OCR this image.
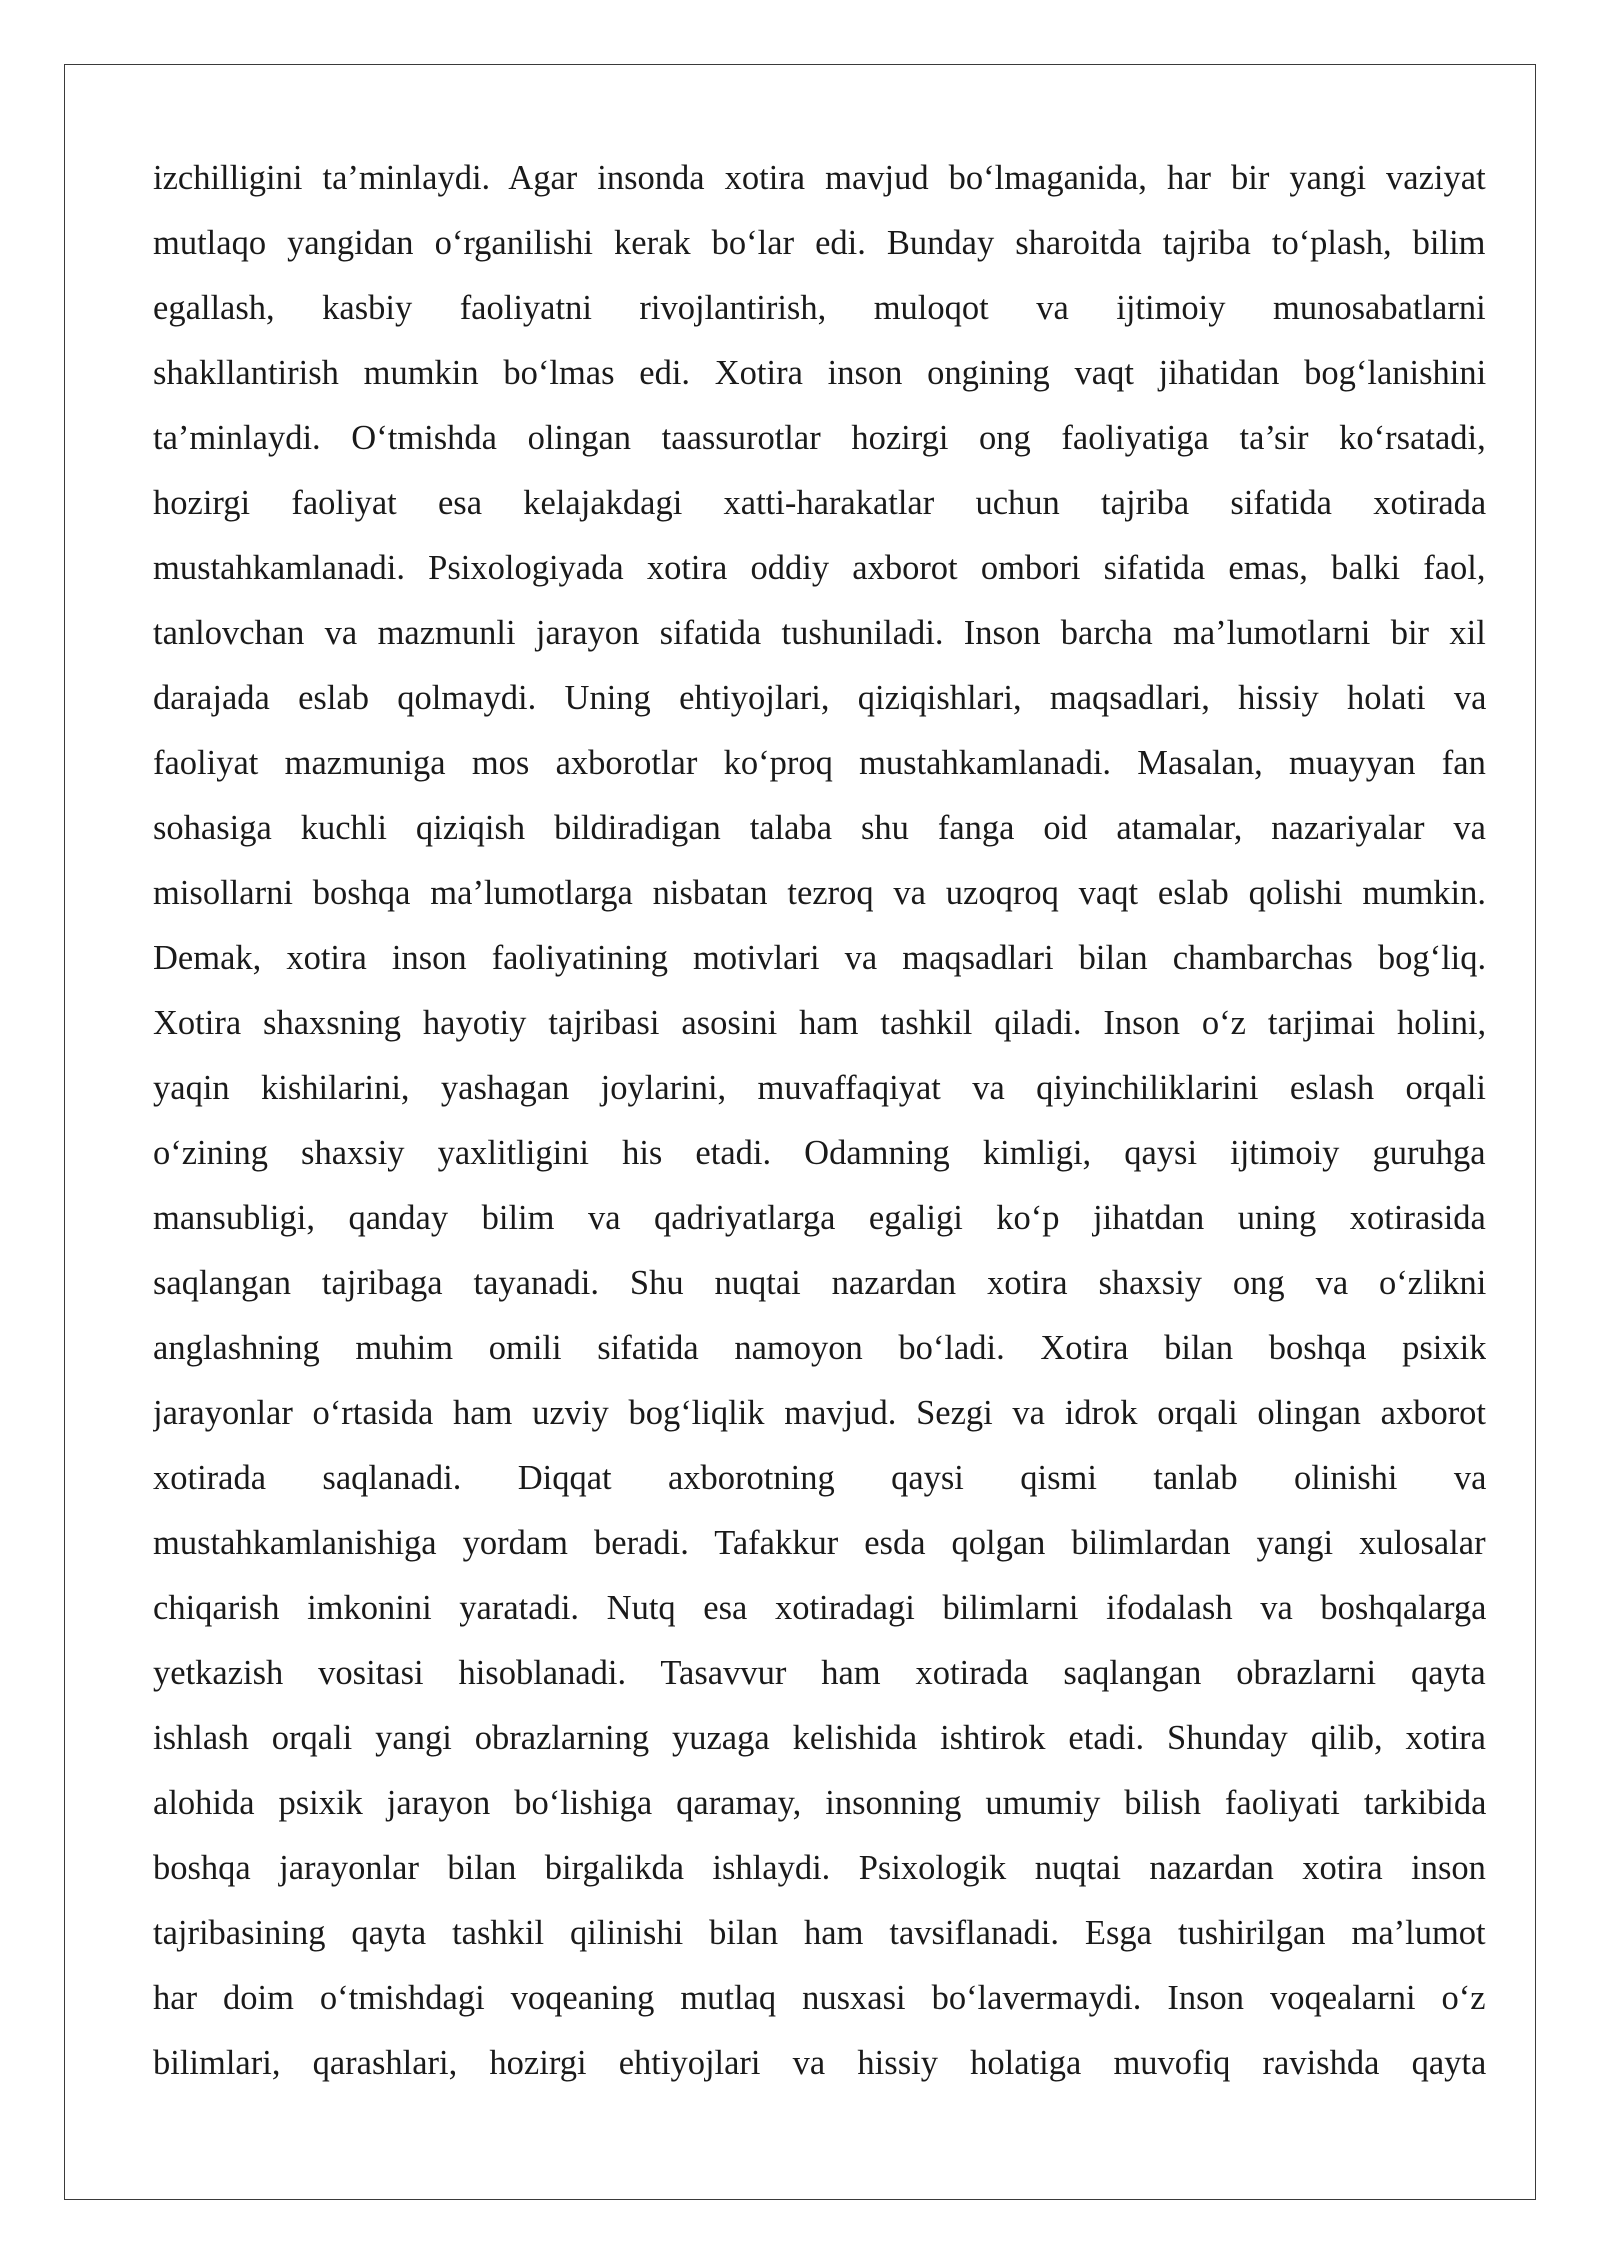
izchilligini ta’minlaydi. Agar insonda xotira mavjud bo‘lmaganida, har bir yangi vaziyat
mutlaqo yangidan o‘rganilishi kerak bo‘lar edi. Bunday sharoitda tajriba to‘plash, bilim
egallash, kasbiy faoliyatni rivojlantirish, muloqot va ijtimoiy munosabatlarni
shakllantirish mumkin bo‘lmas edi. Xotira inson ongining vaqt jihatidan bog‘lanishini
ta’minlaydi. O‘tmishda olingan taassurotlar hozirgi ong faoliyatiga ta’sir ko‘rsatadi,
hozirgi faoliyat esa kelajakdagi xatti-harakatlar uchun tajriba sifatida xotirada
mustahkamlanadi. Psixologiyada xotira oddiy axborot ombori sifatida emas, balki faol,
tanlovchan va mazmunli jarayon sifatida tushuniladi. Inson barcha ma’lumotlarni bir xil
darajada eslab qolmaydi. Uning ehtiyojlari, qiziqishlari, maqsadlari, hissiy holati va
faoliyat mazmuniga mos axborotlar ko‘proq mustahkamlanadi. Masalan, muayyan fan
sohasiga kuchli qiziqish bildiradigan talaba shu fanga oid atamalar, nazariyalar va
misollarni boshqa ma’lumotlarga nisbatan tezroq va uzoqroq vaqt eslab qolishi mumkin.
Demak, xotira inson faoliyatining motivlari va maqsadlari bilan chambarchas bog‘liq.
Xotira shaxsning hayotiy tajribasi asosini ham tashkil qiladi. Inson o‘z tarjimai holini,
yaqin kishilarini, yashagan joylarini, muvaffaqiyat va qiyinchiliklarini eslash orqali
o‘zining shaxsiy yaxlitligini his etadi. Odamning kimligi, qaysi ijtimoiy guruhga
mansubligi, qanday bilim va qadriyatlarga egaligi ko‘p jihatdan uning xotirasida
saqlangan tajribaga tayanadi. Shu nuqtai nazardan xotira shaxsiy ong va o‘zlikni
anglashning muhim omili sifatida namoyon bo‘ladi. Xotira bilan boshqa psixik
jarayonlar o‘rtasida ham uzviy bog‘liqlik mavjud. Sezgi va idrok orqali olingan axborot
xotirada saqlanadi. Diqqat axborotning qaysi qismi tanlab olinishi va
mustahkamlanishiga yordam beradi. Tafakkur esda qolgan bilimlardan yangi xulosalar
chiqarish imkonini yaratadi. Nutq esa xotiradagi bilimlarni ifodalash va boshqalarga
yetkazish vositasi hisoblanadi. Tasavvur ham xotirada saqlangan obrazlarni qayta
ishlash orqali yangi obrazlarning yuzaga kelishida ishtirok etadi. Shunday qilib, xotira
alohida psixik jarayon bo‘lishiga qaramay, insonning umumiy bilish faoliyati tarkibida
boshqa jarayonlar bilan birgalikda ishlaydi. Psixologik nuqtai nazardan xotira inson
tajribasining qayta tashkil qilinishi bilan ham tavsiflanadi. Esga tushirilgan ma’lumot
har doim o‘tmishdagi voqeaning mutlaq nusxasi bo‘lavermaydi. Inson voqealarni o‘z
bilimlari, qarashlari, hozirgi ehtiyojlari va hissiy holatiga muvofiq ravishda qayta
